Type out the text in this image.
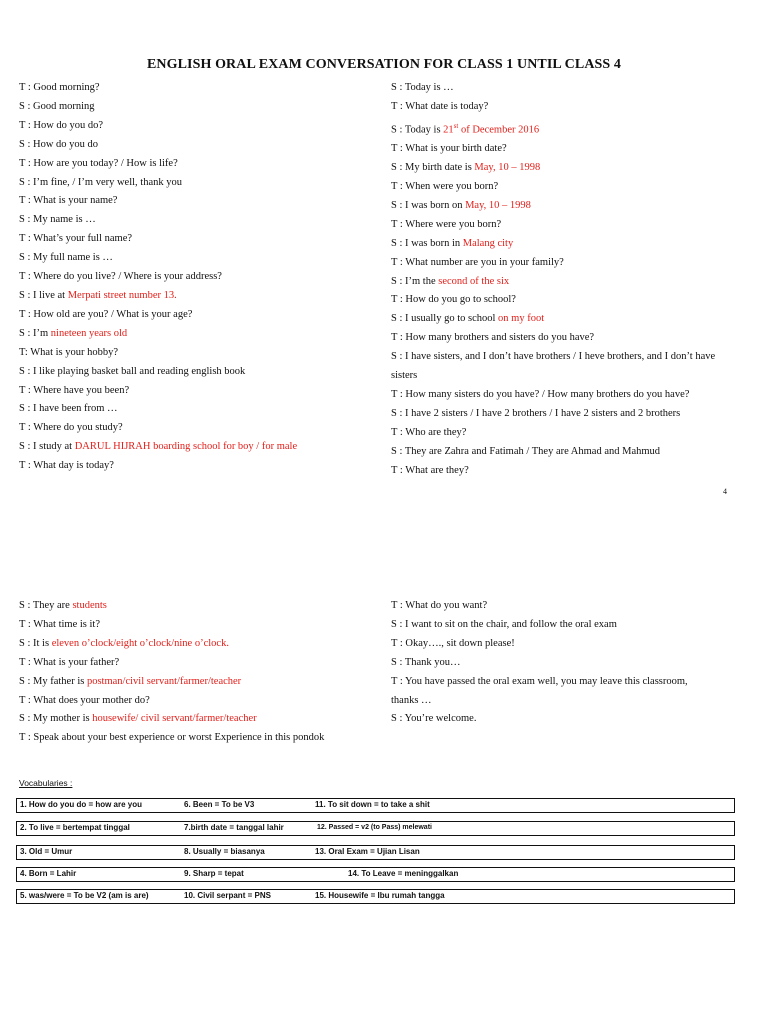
ENGLISH ORAL EXAM CONVERSATION FOR CLASS 1 UNTIL CLASS 4
T : Good morning?
S : Good morning
T : How do you do?
S : How do you do
T : How are you today? / How is life?
S : I’m fine, / I’m very well, thank you
T : What is your name?
S : My name is …
T : What’s your full name?
S : My full name is …
T : Where do you live? / Where is your address?
S : I live at Merpati street number 13.
T : How old are you? / What is your age?
S : I’m nineteen years old
T: What is your hobby?
S : I like playing basket ball and reading english book
T : Where have you been?
S : I have been from …
T : Where do you study?
S : I study at DARUL HIJRAH boarding school for boy / for male
T : What day is today?
S : Today is …
T : What date is today?
S : Today is 21st of December 2016
T : What is your birth date?
S : My birth date is May, 10 – 1998
T : When were you born?
S : I was born on May, 10 – 1998
T : Where were you born?
S : I was born in Malang city
T : What number are you in your family?
S : I’m the second of the six
T : How do you go to school?
S : I usually go to school on my foot
T : How many brothers and sisters do you have?
S : I have sisters, and I don’t have brothers / I heve brothers, and I don’t have
sisters
T : How many sisters do you have? / How many brothers do you have?
S : I have 2 sisters / I have 2 brothers / I have 2 sisters and 2 brothers
T : Who are they?
S : They are Zahra and Fatimah / They are Ahmad and Mahmud
T : What are they?
4
S : They are students
T : What time is it?
S : It is eleven o’clock/eight o’clock/nine o’clock.
T : What is your father?
S : My father is postman/civil servant/farmer/teacher
T : What does your mother do?
S : My mother is housewife/ civil servant/farmer/teacher
T : Speak about your best experience or worst Experience in this pondok
T : What do you want?
S : I want to sit on the chair, and follow the oral exam
T : Okay…., sit down please!
S : Thank you…
T : You have passed the oral exam well, you may leave this classroom,
thanks …
S : You’re welcome.
Vocabularies :
1. How do you do = how are you	6. Been = To be V3	11. To sit down = to take a shit
2. To live = bertempat tinggal	7.birth date = tanggal lahir	12. Passed = v2 (to Pass) melewati
3. Old = Umur	8. Usually = biasanya	13. Oral Exam = Ujian Lisan
4. Born = Lahir	9. Sharp = tepat	14. To Leave = meninggalkan
5. was/were = To be V2 (am is are)	10. Civil serpant = PNS	15. Housewife = Ibu rumah tangga
